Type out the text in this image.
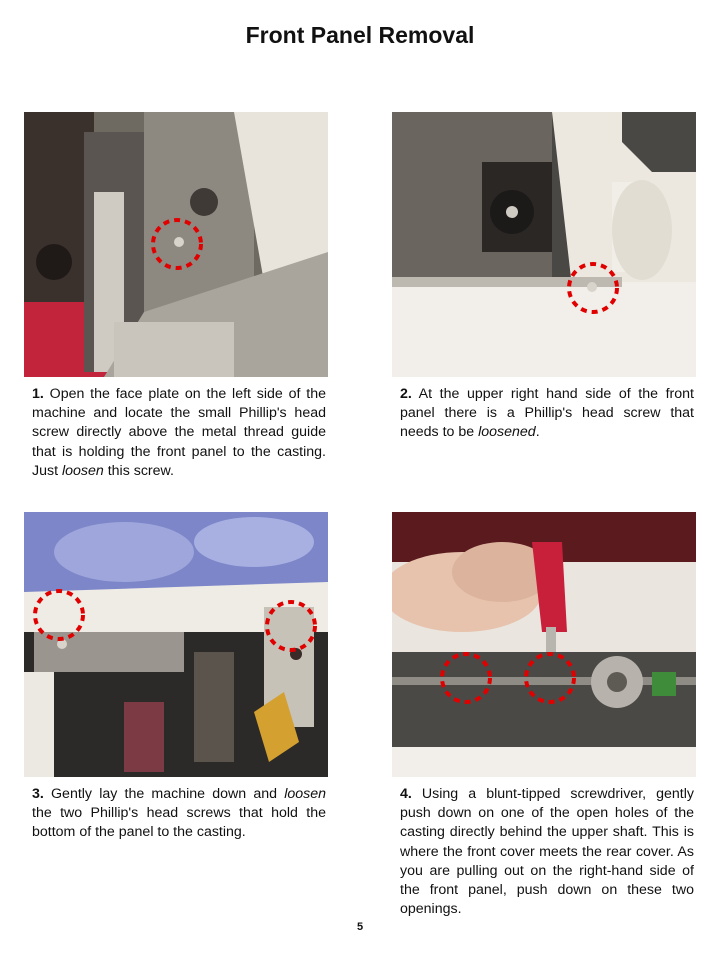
Front Panel Removal
1. Open the face plate on the left side of the machine and locate the small Phillip's head screw directly above the metal thread guide that is holding the front panel to the casting. Just loosen this screw.
2. At the upper right hand side of the front panel there is a Phillip's head screw that needs to be loosened.
3. Gently lay the machine down and loosen the two Phillip's head screws that hold the bottom of the panel to the casting.
4. Using a blunt-tipped screwdriver, gently push down on one of the open holes of the casting directly behind the upper shaft. This is where the front cover meets the rear cover. As you are pulling out on the right-hand side of the front panel, push down on these two openings.
5
